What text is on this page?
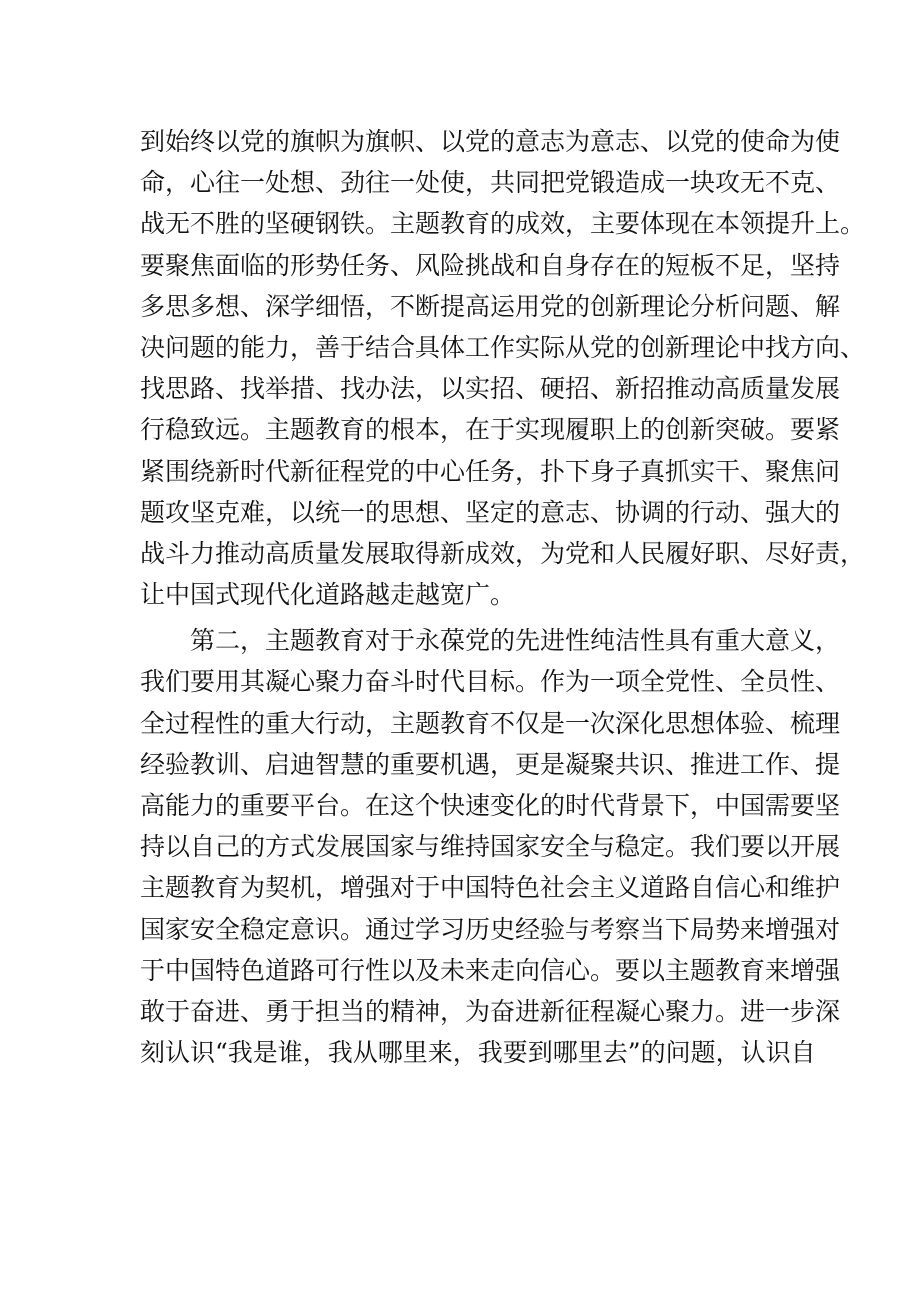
到始终以党的旗帜为旗帜、以党的意志为意志、以党的使命为使
命，心往一处想、劲往一处使，共同把党锻造成一块攻无不克、
战无不胜的坚硬钢铁。主题教育的成效，主要体现在本领提升上。
要聚焦面临的形势任务、风险挑战和自身存在的短板不足，坚持
多思多想、深学细悟，不断提高运用党的创新理论分析问题、解
决问题的能力，善于结合具体工作实际从党的创新理论中找方向、
找思路、找举措、找办法，以实招、硬招、新招推动高质量发展
行稳致远。主题教育的根本，在于实现履职上的创新突破。要紧
紧围绕新时代新征程党的中心任务，扑下身子真抓实干、聚焦问
题攻坚克难，以统一的思想、坚定的意志、协调的行动、强大的
战斗力推动高质量发展取得新成效，为党和人民履好职、尽好责，
让中国式现代化道路越走越宽广。
第二，主题教育对于永葆党的先进性纯洁性具有重大意义，
我们要用其凝心聚力奋斗时代目标。作为一项全党性、全员性、
全过程性的重大行动，主题教育不仅是一次深化思想体验、梳理
经验教训、启迪智慧的重要机遇，更是凝聚共识、推进工作、提
高能力的重要平台。在这个快速变化的时代背景下，中国需要坚
持以自己的方式发展国家与维持国家安全与稳定。我们要以开展
主题教育为契机，增强对于中国特色社会主义道路自信心和维护
国家安全稳定意识。通过学习历史经验与考察当下局势来增强对
于中国特色道路可行性以及未来走向信心。要以主题教育来增强
敢于奋进、勇于担当的精神，为奋进新征程凝心聚力。进一步深
刻认识“我是谁，我从哪里来，我要到哪里去”的问题，认识自
